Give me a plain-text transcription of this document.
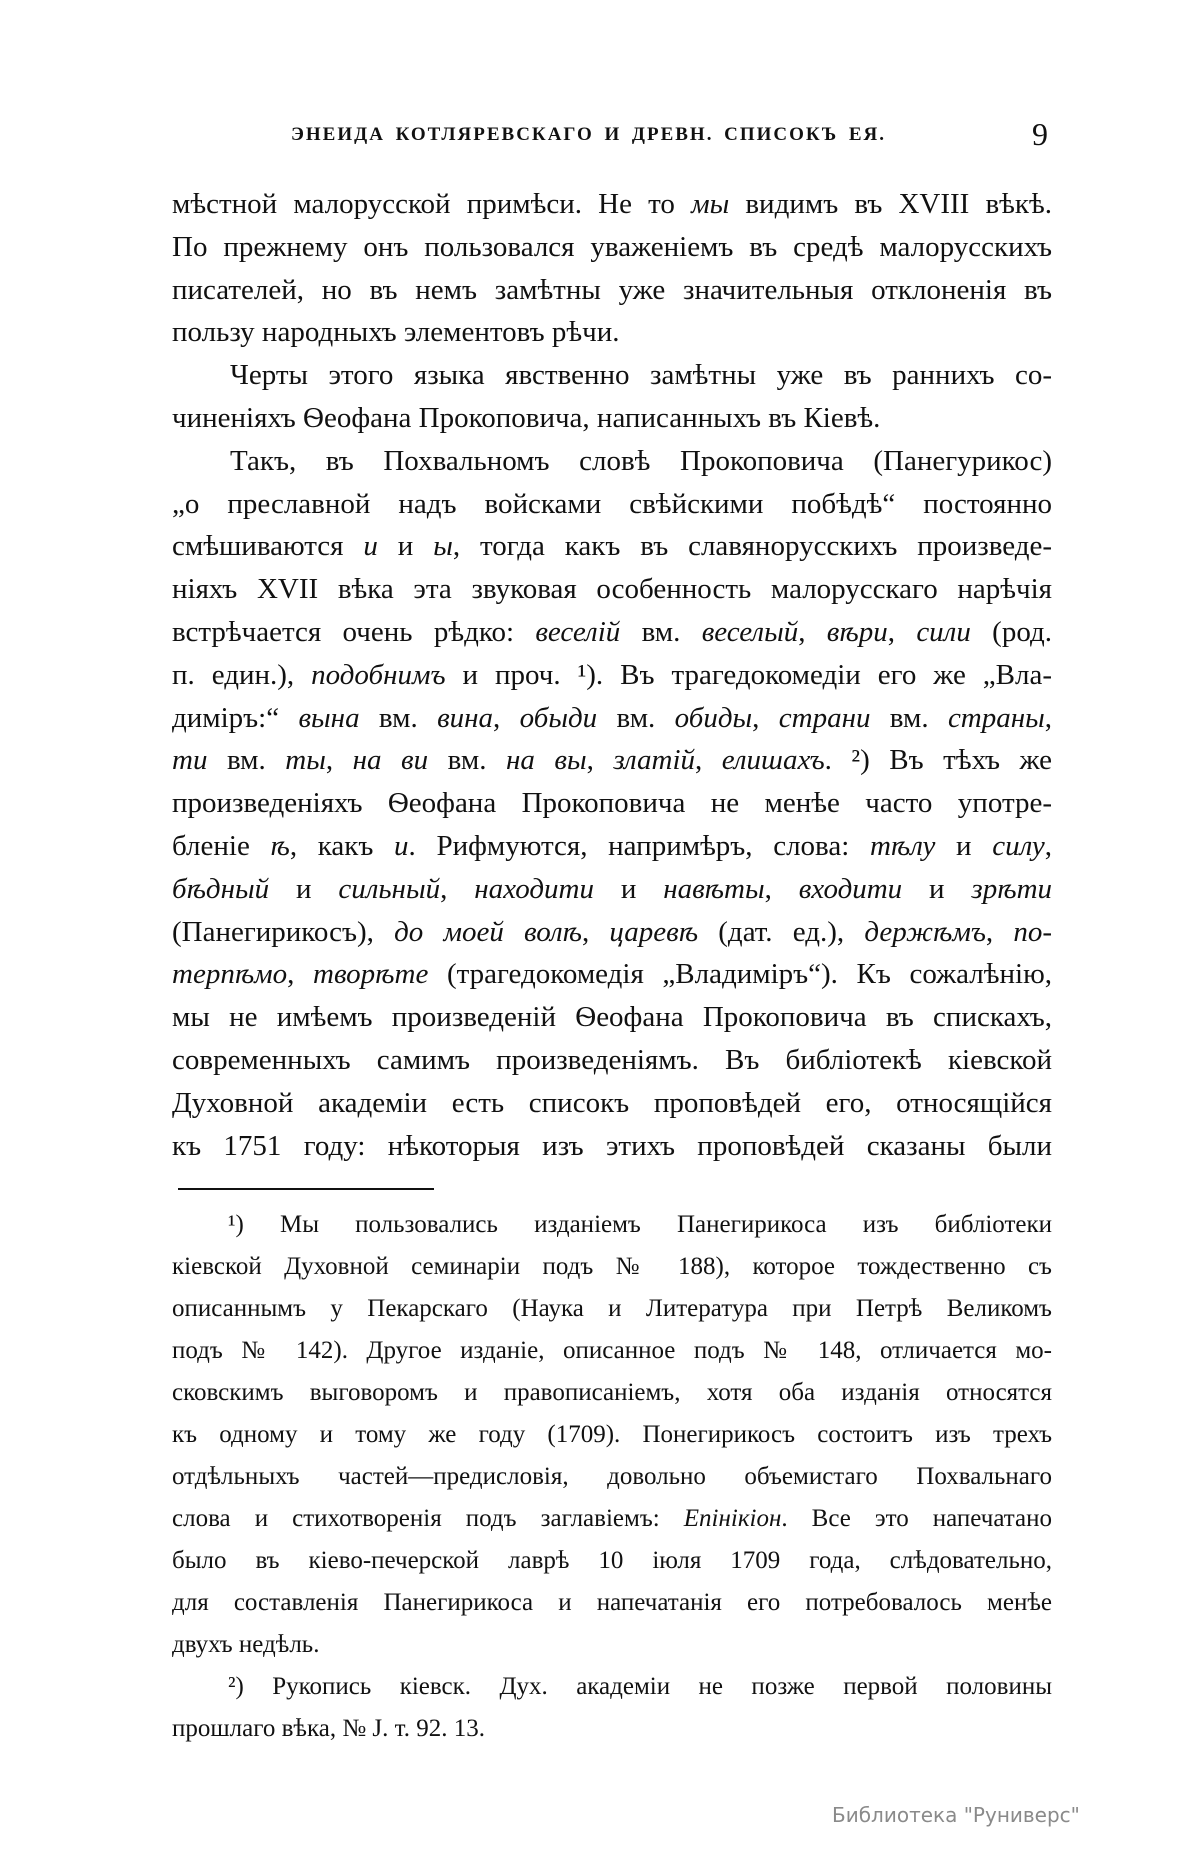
ЭНЕИДА КОТЛЯРЕВСКАГО И ДРЕВН. СПИСОКЪ ЕЯ.	9
мѣстной малорусской примѣси. Не то мы видимъ въ XVIII вѣкѣ.
По прежнему онъ пользовался уваженіемъ въ средѣ малорусскихъ
писателей, но въ немъ замѣтны уже значительныя отклоненія въ
пользу народныхъ элементовъ рѣчи.
Черты этого языка явственно замѣтны уже въ раннихъ со-
чиненіяхъ Ѳеофана Прокоповича, написанныхъ въ Кіевѣ.
Такъ, въ Похвальномъ словѣ Прокоповича (Панегурикос)
„о преславной надъ войсками свѣйскими побѣдѣ“ постоянно
смѣшиваются и и ы, тогда какъ въ славянорусскихъ произведе-
ніяхъ XVII вѣка эта звуковая особенность малорусскаго нарѣчія
встрѣчается очень рѣдко: веселій вм. веселый, вѣри, сили (род.
п. един.), подобнимъ и проч. ¹). Въ трагедокомедіи его же „Вла-
диміръ:“ вына вм. вина, обыди вм. обиды, страни вм. страны,
ти вм. ты, на ви вм. на вы, златій, елишахъ. ²) Въ тѣхъ же
произведеніяхъ Ѳеофана Прокоповича не менѣе часто употре-
бленіе ѣ, какъ и. Рифмуются, напримѣръ, слова: тѣлу и силу,
бѣдный и сильный, находити и навѣты, входити и зрѣти
(Панегирикосъ), до моей волѣ, царевѣ (дат. ед.), держѣмъ, по-
терпѣмо, творѣте (трагедокомедія „Владиміръ“). Къ сожалѣнію,
мы не имѣемъ произведеній Ѳеофана Прокоповича въ спискахъ,
современныхъ самимъ произведеніямъ. Въ библіотекѣ кіевской
Духовной академіи есть списокъ проповѣдей его, относящійся
къ 1751 году: нѣкоторыя изъ этихъ проповѣдей сказаны были
¹) Мы пользовались изданіемъ Панегирикоса изъ библіотеки
кіевской Духовной семинаріи подъ № 188), которое тождественно съ
описаннымъ у Пекарскаго (Наука и Литература при Петрѣ Великомъ
подъ № 142). Другое изданіе, описанное подъ № 148, отличается мо-
сковскимъ выговоромъ и правописаніемъ, хотя оба изданія относятся
къ одному и тому же году (1709). Понегирикосъ состоитъ изъ трехъ
отдѣльныхъ частей—предисловія, довольно объемистаго Похвальнаго
слова и стихотворенія подъ заглавіемъ: Епінікіон. Все это напечатано
было въ кіево-печерской лаврѣ 10 іюля 1709 года, слѣдовательно,
для составленія Панегирикоса и напечатанія его потребовалось менѣе
двухъ недѣль.
²) Рукопись кіевск. Дух. академіи не позже первой половины
прошлаго вѣка, № J. т. 92. 13.
Библиотека "Руниверс"
